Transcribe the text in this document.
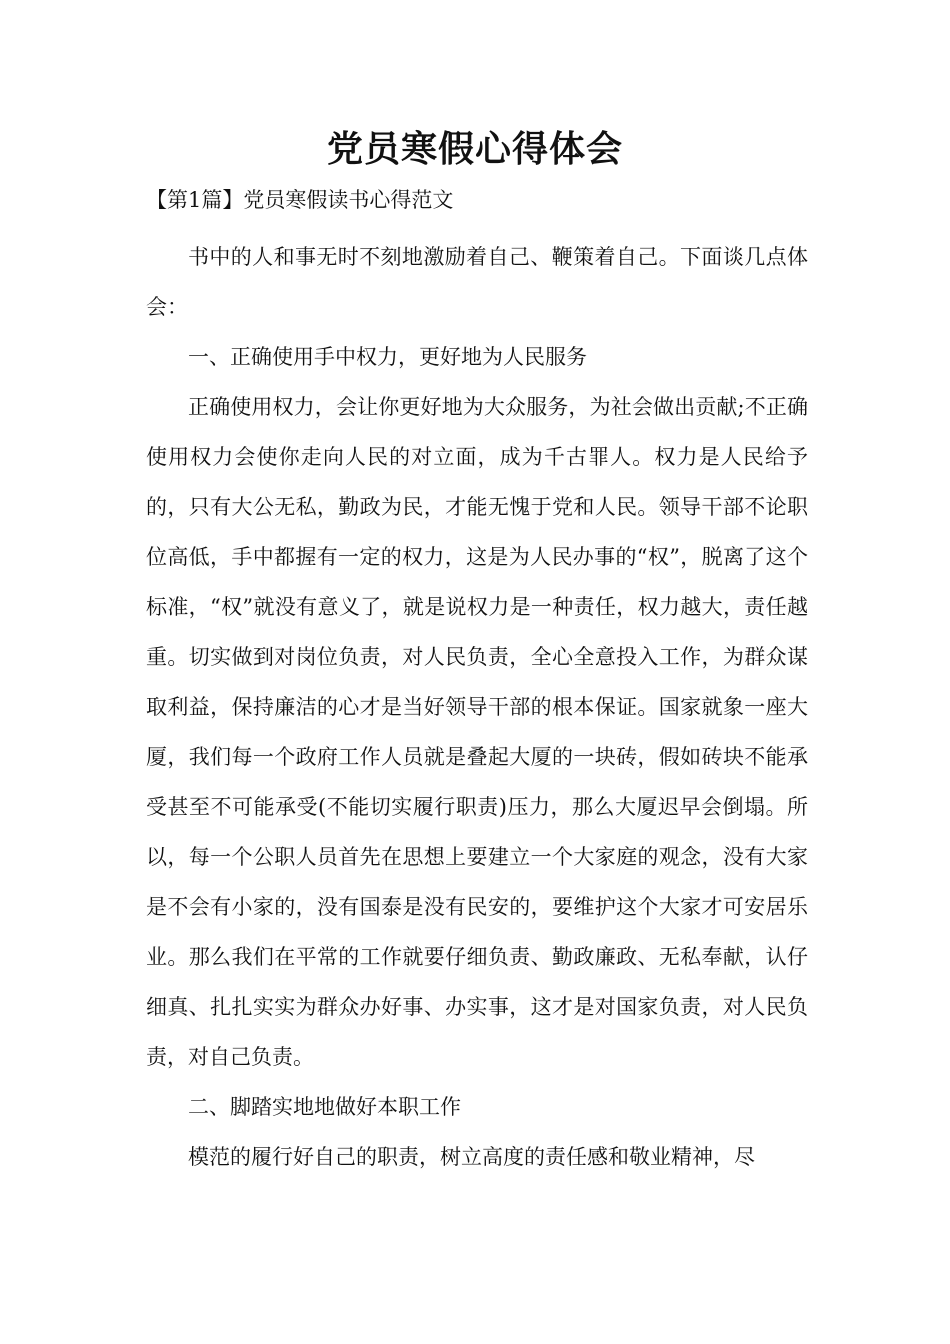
党员寒假心得体会
【第1篇】党员寒假读书心得范文

书中的人和事无时不刻地激励着自己、鞭策着自己。下面谈几点体会：

一、正确使用手中权力，更好地为人民服务

正确使用权力，会让你更好地为大众服务，为社会做出贡献;不正确使用权力会使你走向人民的对立面，成为千古罪人。权力是人民给予的，只有大公无私，勤政为民，才能无愧于党和人民。领导干部不论职位高低，手中都握有一定的权力，这是为人民办事的“权”，脱离了这个标准，“权”就没有意义了，就是说权力是一种责任，权力越大，责任越重。切实做到对岗位负责，对人民负责，全心全意投入工作，为群众谋取利益，保持廉洁的心才是当好领导干部的根本保证。国家就象一座大厦，我们每一个政府工作人员就是叠起大厦的一块砖，假如砖块不能承受甚至不可能承受(不能切实履行职责)压力，那么大厦迟早会倒塌。所以，每一个公职人员首先在思想上要建立一个大家庭的观念，没有大家是不会有小家的，没有国泰是没有民安的，要维护这个大家才可安居乐业。那么我们在平常的工作就要仔细负责、勤政廉政、无私奉献，认仔细真、扎扎实实为群众办好事、办实事，这才是对国家负责，对人民负责，对自己负责。

二、脚踏实地地做好本职工作

模范的履行好自己的职责，树立高度的责任感和敬业精神，尽
